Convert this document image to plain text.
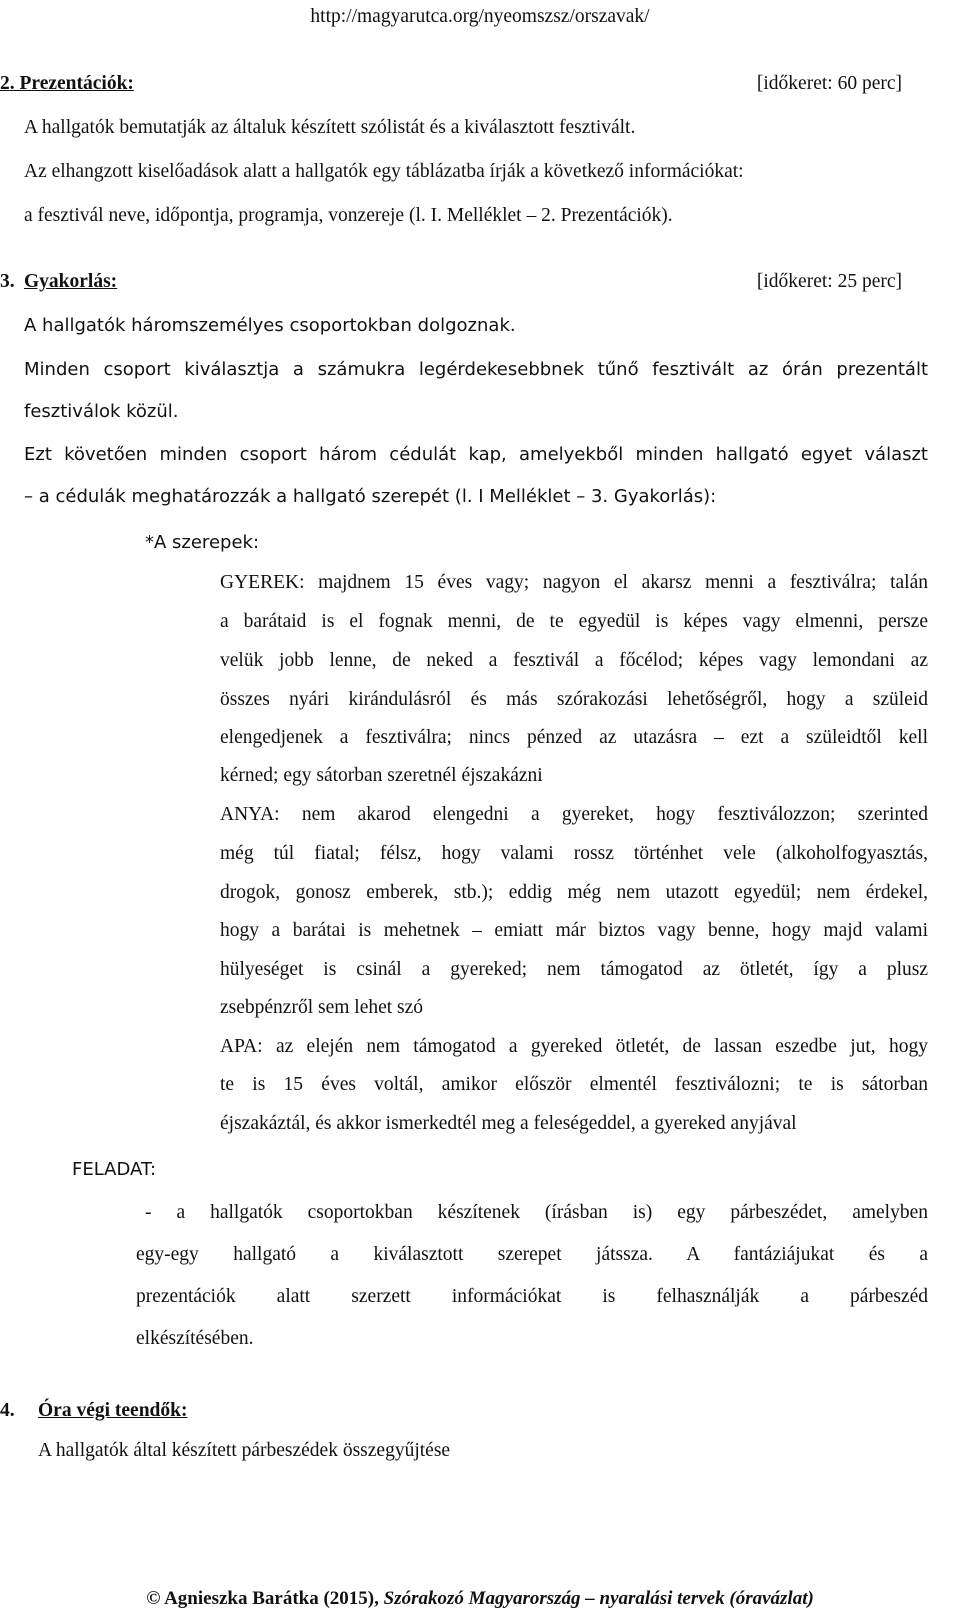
http://magyarutca.org/nyeomszsz/orszavak/
2. Prezentációk:	[időkeret: 60 perc]
A hallgatók bemutatják az általuk készített szólistát és a kiválasztott fesztivált.
Az elhangzott kiselőadások alatt a hallgatók egy táblázatba írják a következő információkat:
a fesztivál neve, időpontja, programja, vonzereje (l. I. Melléklet – 2. Prezentációk).
3. Gyakorlás:	[időkeret: 25 perc]
A hallgatók háromszemélyes csoportokban dolgoznak.
Minden csoport kiválasztja a számukra legérdekesebbnek tűnő fesztivált az órán prezentált
fesztiválok közül.
Ezt követően minden csoport három cédulát kap, amelyekből minden hallgató egyet választ
– a cédulák meghatározzák a hallgató szerepét (l. I Melléklet – 3. Gyakorlás):
*A szerepek:
GYEREK: majdnem 15 éves vagy; nagyon el akarsz menni a fesztiválra; talán
a barátaid is el fognak menni, de te egyedül is képes vagy elmenni, persze
velük jobb lenne, de neked a fesztivál a főcélod; képes vagy lemondani az
összes nyári kirándulásról és más szórakozási lehetőségről, hogy a szüleid
elengedjenek a fesztiválra; nincs pénzed az utazásra – ezt a szüleidtől kell
kérned; egy sátorban szeretnél éjszakázni
ANYA: nem akarod elengedni a gyereket, hogy fesztiválozzon; szerinted
még túl fiatal; félsz, hogy valami rossz történhet vele (alkoholfogyasztás,
drogok, gonosz emberek, stb.); eddig még nem utazott egyedül; nem érdekel,
hogy a barátai is mehetnek – emiatt már biztos vagy benne, hogy majd valami
hülyeséget is csinál a gyereked; nem támogatod az ötletét, így a plusz
zsebpénzről sem lehet szó
APA: az elején nem támogatod a gyereked ötletét, de lassan eszedbe jut, hogy
te is 15 éves voltál, amikor először elmentél fesztiválozni; te is sátorban
éjszakáztál, és akkor ismerkedtél meg a feleségeddel, a gyereked anyjával
FELADAT:
- a hallgatók csoportokban készítenek (írásban is) egy párbeszédet, amelyben
egy-egy hallgató a kiválasztott szerepet játssza. A fantáziájukat és a
prezentációk alatt szerzett információkat is felhasználják a párbeszéd
elkészítésében.
4. Óra végi teendők:
A hallgatók által készített párbeszédek összegyűjtése
© Agnieszka Barátka (2015), Szórakozó Magyarország – nyaralási tervek (óravázlat)
